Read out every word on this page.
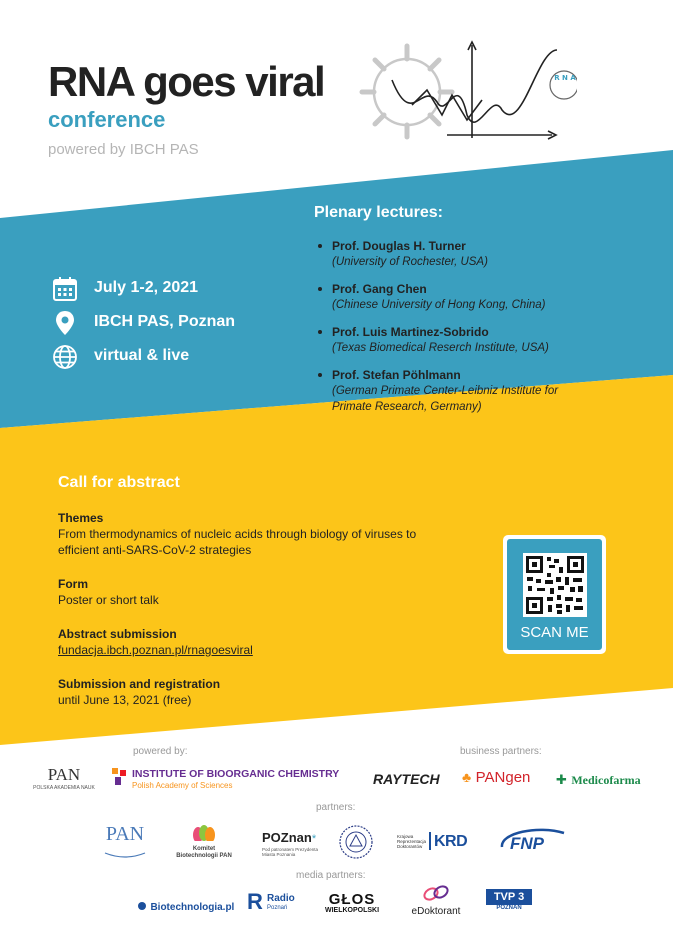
RNA goes viral
conference
powered by IBCH PAS
R N A
Plenary lectures:
Prof. Douglas H. Turner
(University of Rochester, USA)
Prof. Gang Chen
(Chinese University of Hong Kong, China)
Prof. Luis Martinez-Sobrido
(Texas Biomedical Reserch Institute, USA)
Prof. Stefan Pöhlmann
(German Primate Center-Leibniz Institute for Primate Research, Germany)
July 1-2, 2021
IBCH PAS, Poznan
virtual & live
Call for abstract
Themes
From thermodynamics of nucleic acids through biology of viruses to efficient anti-SARS-CoV-2 strategies
Form
Poster or short talk
Abstract submission
fundacja.ibch.poznan.pl/rnagoesviral
Submission and registration
until June 13, 2021 (free)
SCAN ME
powered by:	business partners:
PAN
POLSKA AKADEMIA NAUK
INSTITUTE OF BIOORGANIC CHEMISTRY
Polish Academy of Sciences	RAYTECH ♣ PANgen ✚ Medicofarma
partners:
PAN
Komitet
Biotechnologii PAN
POZnan*
Pod patronatem Prezydenta Miasta Poznania
Krajowa Reprezentacja Doktorantów KRD	FNP
media partners:
Biotechnologia.pl R Radio
Poznań	GŁOS
WIELKOPOLSKI	eDoktorant
TVP 3
POZNAŃ
